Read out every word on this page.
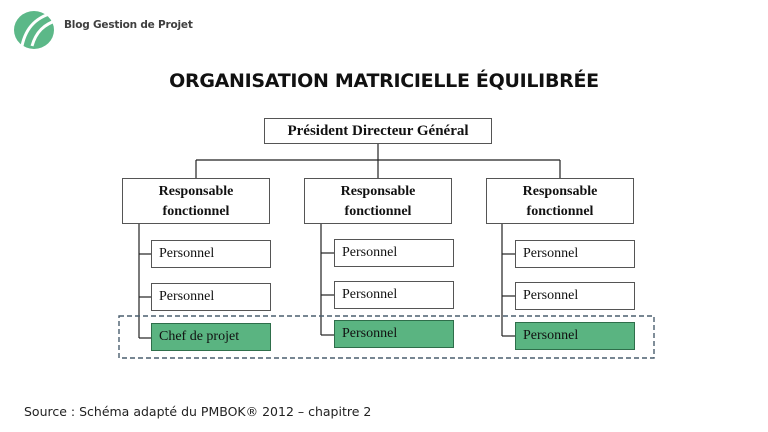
Blog Gestion de Projet
ORGANISATION MATRICIELLE ÉQUILIBRÉE
Président Directeur Général
Responsable
fonctionnel
Personnel
Personnel
Chef de projet
Responsable
fonctionnel
Personnel
Personnel
Personnel
Responsable
fonctionnel
Personnel
Personnel
Personnel
Source : Schéma adapté du PMBOK® 2012 – chapitre 2
